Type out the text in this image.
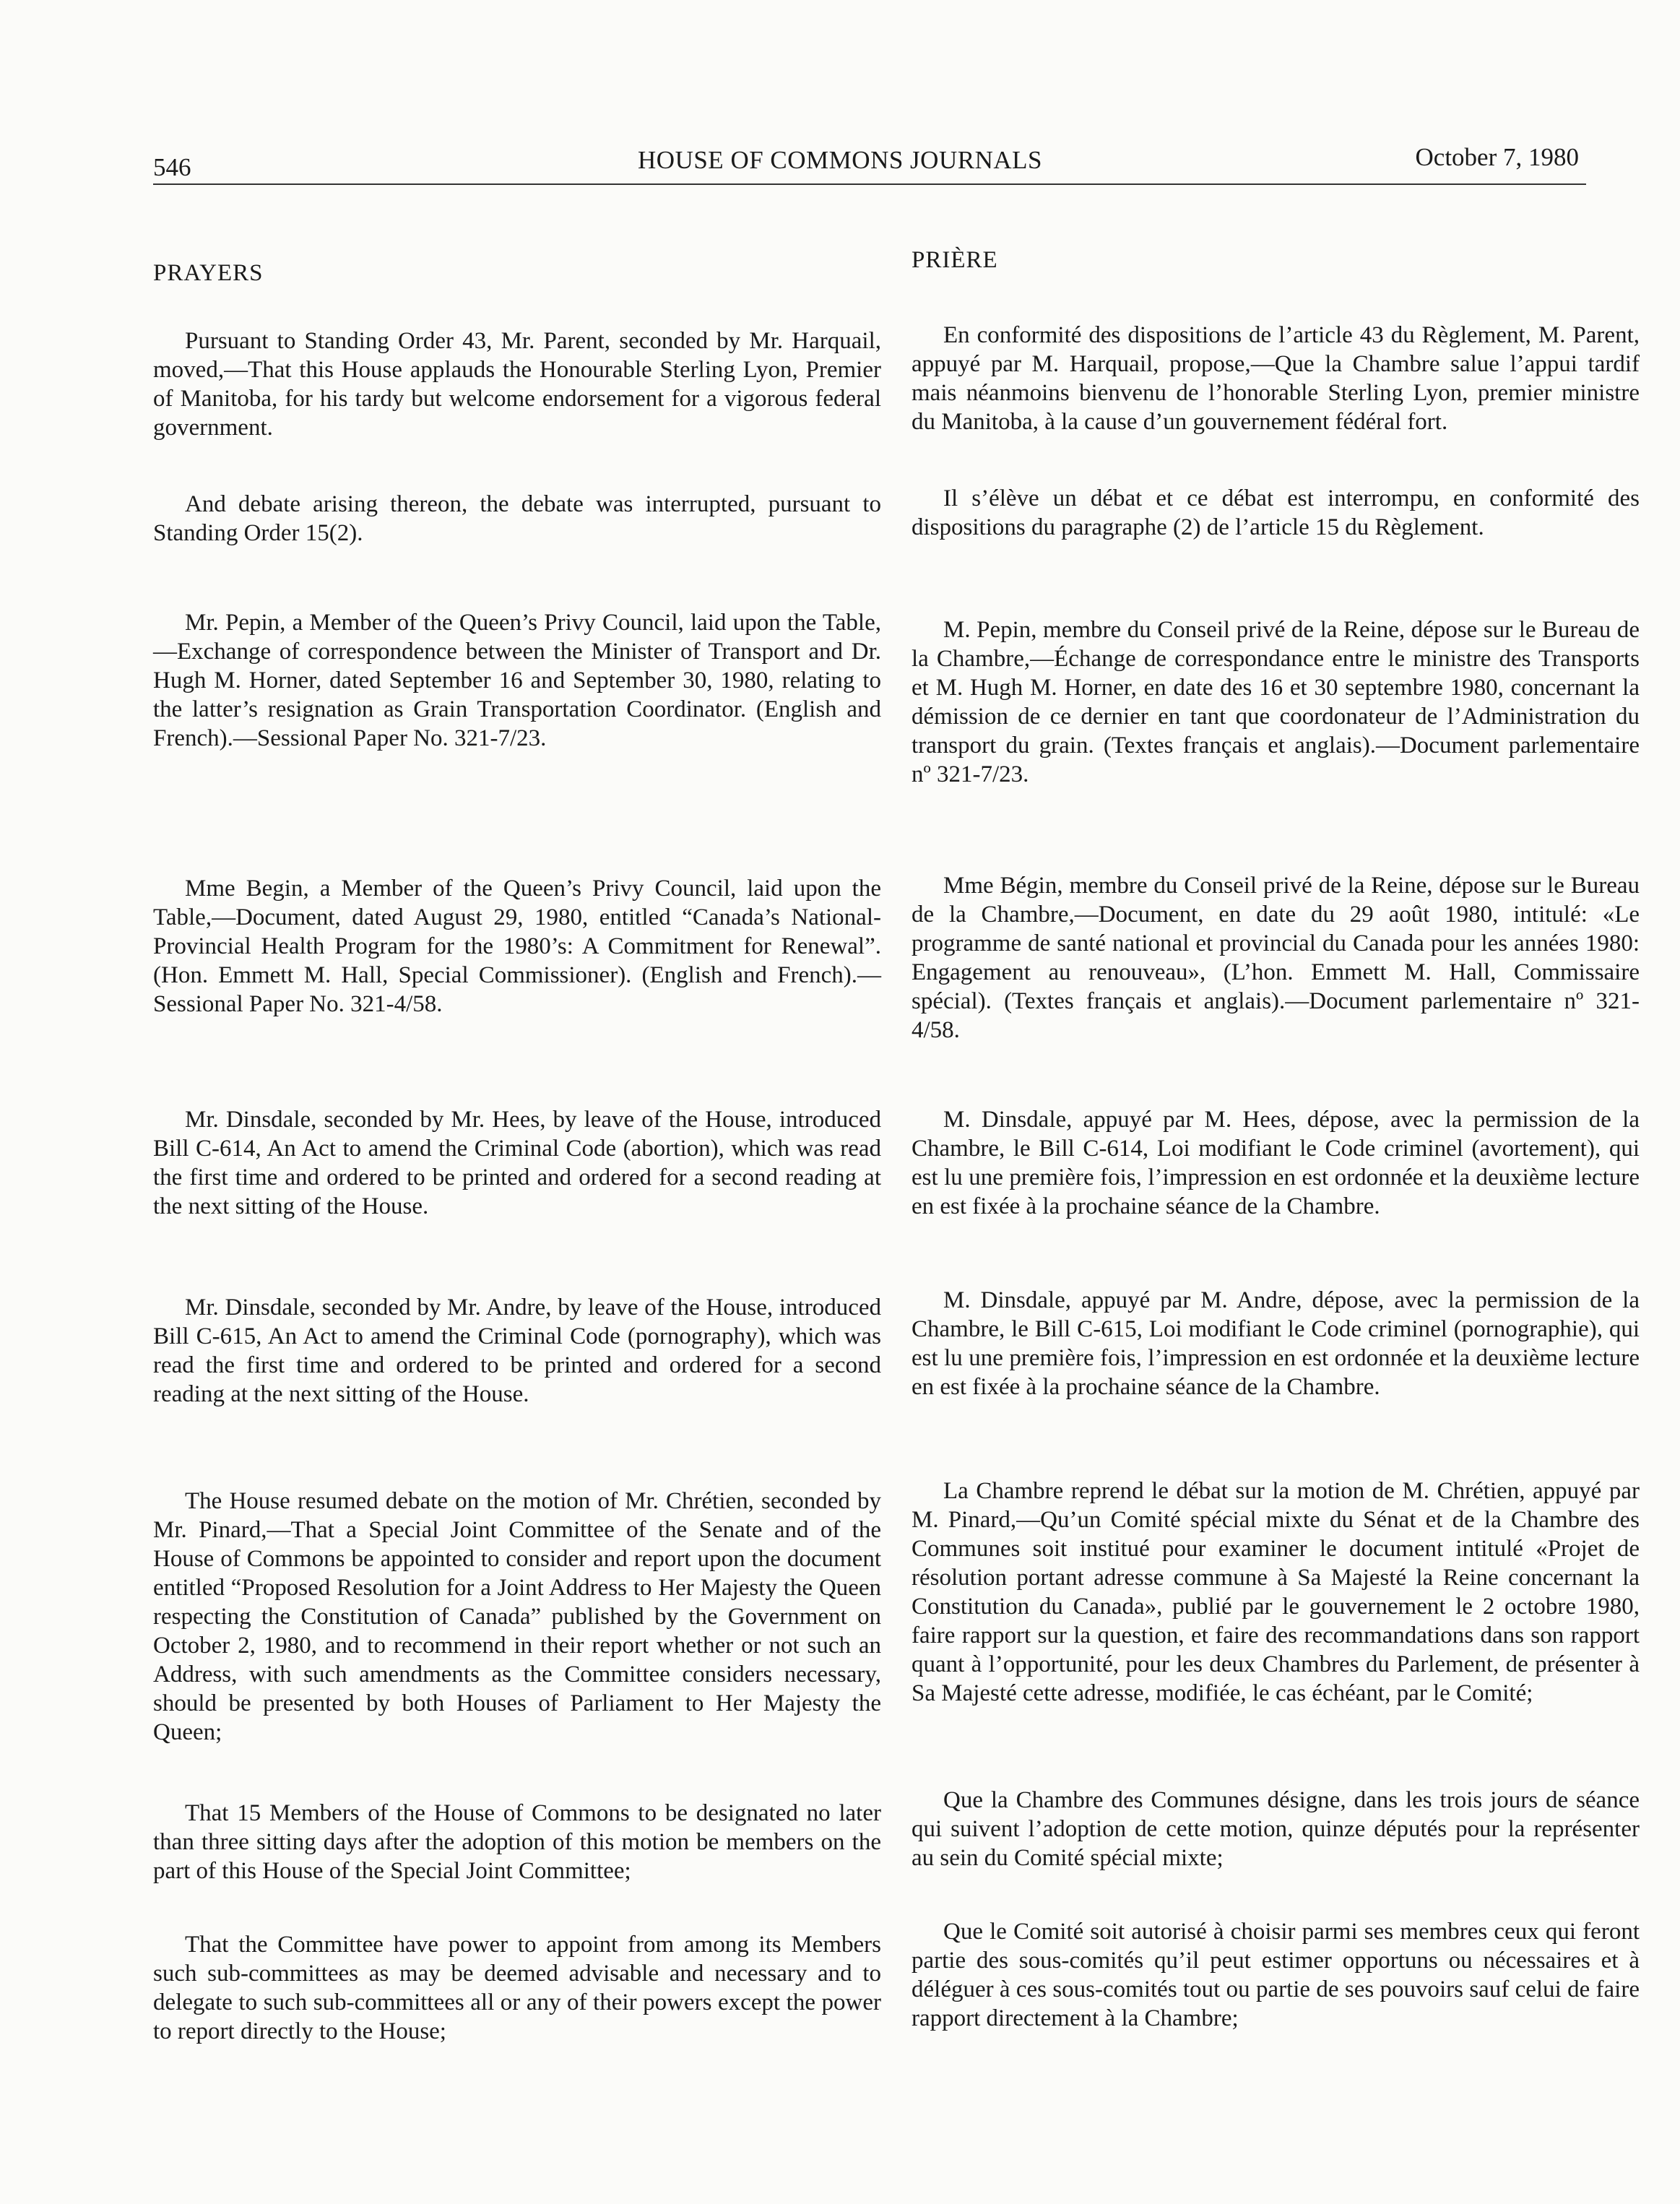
546	HOUSE OF COMMONS JOURNALS	October 7, 1980

PRAYERS

Pursuant to Standing Order 43, Mr. Parent, seconded by Mr. Harquail, moved,—That this House applauds the Honourable Sterling Lyon, Premier of Manitoba, for his tardy but welcome endorsement for a vigorous federal government.

And debate arising thereon, the debate was interrupted, pursuant to Standing Order 15(2).

Mr. Pepin, a Member of the Queen’s Privy Council, laid upon the Table,—Exchange of correspondence between the Minister of Transport and Dr. Hugh M. Horner, dated September 16 and September 30, 1980, relating to the latter’s resignation as Grain Transportation Coordinator. (English and French).—Sessional Paper No. 321-7/23.

Mme Begin, a Member of the Queen’s Privy Council, laid upon the Table,—Document, dated August 29, 1980, entitled “Canada’s National-Provincial Health Program for the 1980’s: A Commitment for Renewal”. (Hon. Emmett M. Hall, Special Commissioner). (English and French).—Sessional Paper No. 321-4/58.

Mr. Dinsdale, seconded by Mr. Hees, by leave of the House, introduced Bill C-614, An Act to amend the Criminal Code (abortion), which was read the first time and ordered to be printed and ordered for a second reading at the next sitting of the House.

Mr. Dinsdale, seconded by Mr. Andre, by leave of the House, introduced Bill C-615, An Act to amend the Criminal Code (pornography), which was read the first time and ordered to be printed and ordered for a second reading at the next sitting of the House.

The House resumed debate on the motion of Mr. Chrétien, seconded by Mr. Pinard,—That a Special Joint Committee of the Senate and of the House of Commons be appointed to consider and report upon the document entitled “Proposed Resolution for a Joint Address to Her Majesty the Queen respecting the Constitution of Canada” published by the Government on October 2, 1980, and to recommend in their report whether or not such an Address, with such amendments as the Committee considers necessary, should be presented by both Houses of Parliament to Her Majesty the Queen;

That 15 Members of the House of Commons to be designated no later than three sitting days after the adoption of this motion be members on the part of this House of the Special Joint Committee;

That the Committee have power to appoint from among its Members such sub-committees as may be deemed advisable and necessary and to delegate to such sub-committees all or any of their powers except the power to report directly to the House;

PRIÈRE

En conformité des dispositions de l’article 43 du Règlement, M. Parent, appuyé par M. Harquail, propose,—Que la Chambre salue l’appui tardif mais néanmoins bienvenu de l’honorable Sterling Lyon, premier ministre du Manitoba, à la cause d’un gouvernement fédéral fort.

Il s’élève un débat et ce débat est interrompu, en conformité des dispositions du paragraphe (2) de l’article 15 du Règlement.

M. Pepin, membre du Conseil privé de la Reine, dépose sur le Bureau de la Chambre,—Échange de correspondance entre le ministre des Transports et M. Hugh M. Horner, en date des 16 et 30 septembre 1980, concernant la démission de ce dernier en tant que coordonateur de l’Administration du transport du grain. (Textes français et anglais).—Document parlementaire nº 321-7/23.

Mme Bégin, membre du Conseil privé de la Reine, dépose sur le Bureau de la Chambre,—Document, en date du 29 août 1980, intitulé: «Le programme de santé national et provincial du Canada pour les années 1980: Engagement au renouveau», (L’hon. Emmett M. Hall, Commissaire spécial). (Textes français et anglais).—Document parlementaire nº 321-4/58.

M. Dinsdale, appuyé par M. Hees, dépose, avec la permission de la Chambre, le Bill C-614, Loi modifiant le Code criminel (avortement), qui est lu une première fois, l’impression en est ordonnée et la deuxième lecture en est fixée à la prochaine séance de la Chambre.

M. Dinsdale, appuyé par M. Andre, dépose, avec la permission de la Chambre, le Bill C-615, Loi modifiant le Code criminel (pornographie), qui est lu une première fois, l’impression en est ordonnée et la deuxième lecture en est fixée à la prochaine séance de la Chambre.

La Chambre reprend le débat sur la motion de M. Chrétien, appuyé par M. Pinard,—Qu’un Comité spécial mixte du Sénat et de la Chambre des Communes soit institué pour examiner le document intitulé «Projet de résolution portant adresse commune à Sa Majesté la Reine concernant la Constitution du Canada», publié par le gouvernement le 2 octobre 1980, faire rapport sur la question, et faire des recommandations dans son rapport quant à l’opportunité, pour les deux Chambres du Parlement, de présenter à Sa Majesté cette adresse, modifiée, le cas échéant, par le Comité;

Que la Chambre des Communes désigne, dans les trois jours de séance qui suivent l’adoption de cette motion, quinze députés pour la représenter au sein du Comité spécial mixte;

Que le Comité soit autorisé à choisir parmi ses membres ceux qui feront partie des sous-comités qu’il peut estimer opportuns ou nécessaires et à déléguer à ces sous-comités tout ou partie de ses pouvoirs sauf celui de faire rapport directement à la Chambre;
